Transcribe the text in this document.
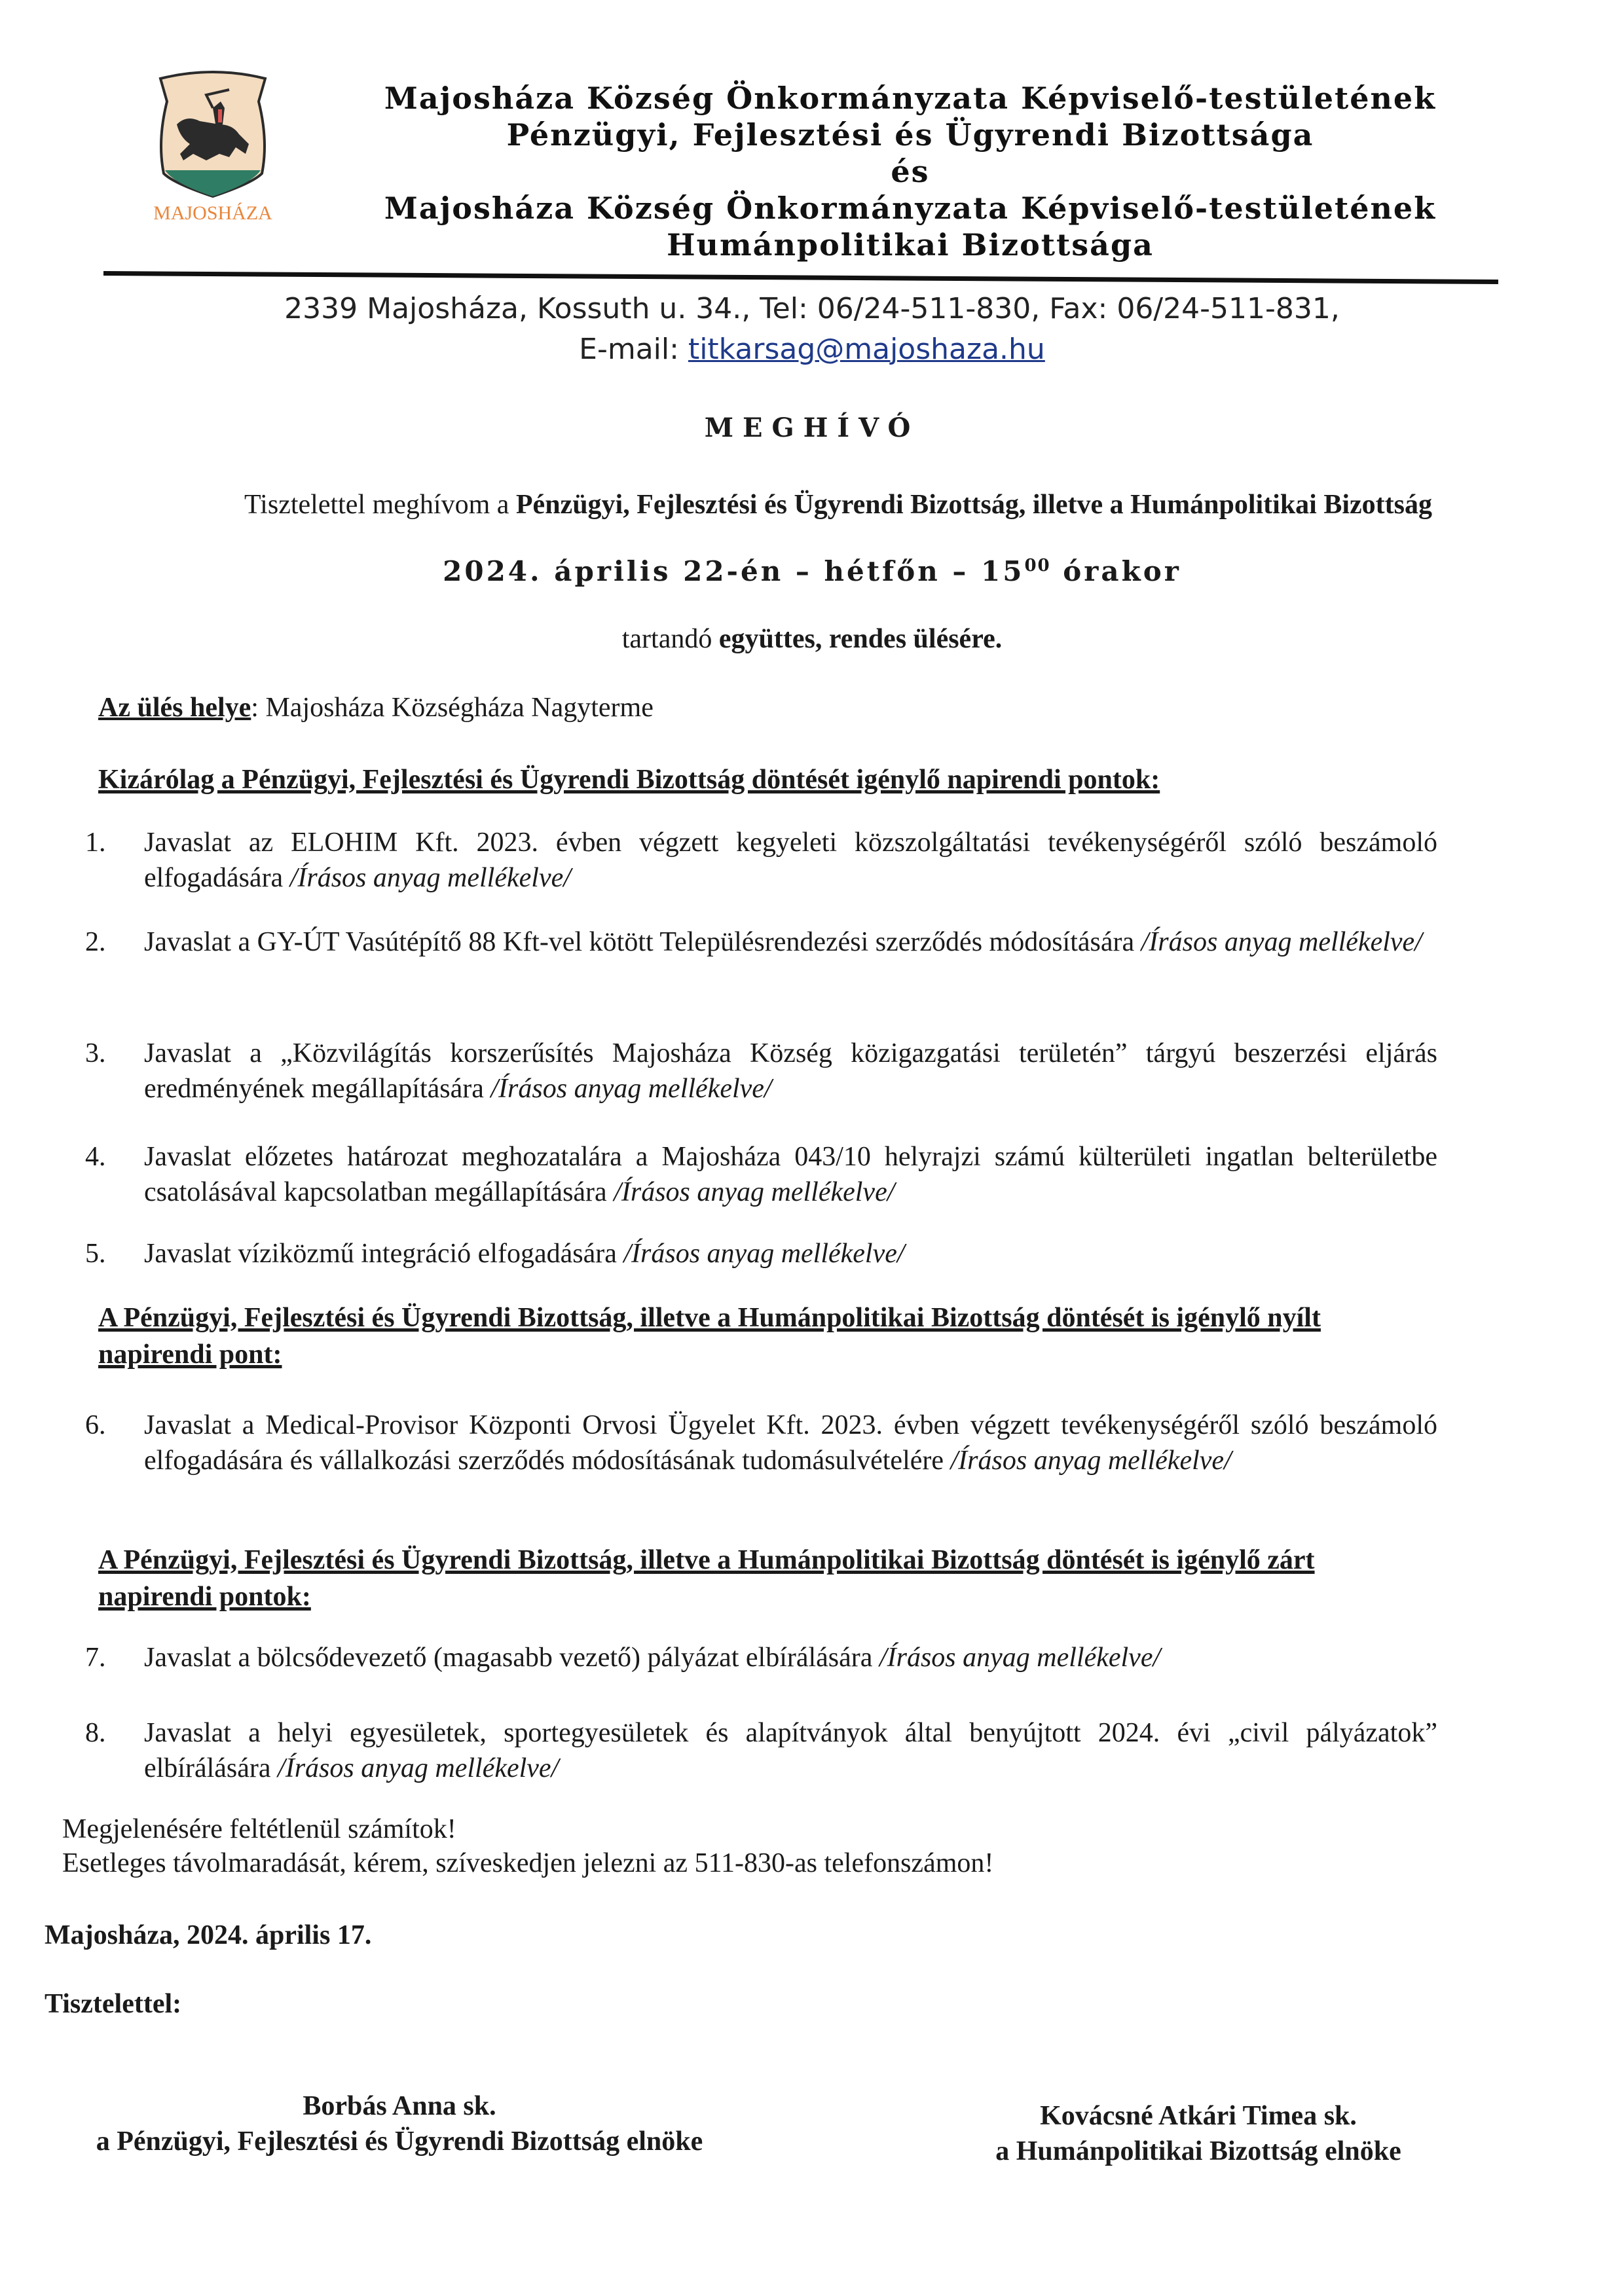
MAJOSHÁZA
Majosháza Község Önkormányzata Képviselő-testületének
Pénzügyi, Fejlesztési és Ügyrendi Bizottsága
és
Majosháza Község Önkormányzata Képviselő-testületének
Humánpolitikai Bizottsága
2339 Majosháza, Kossuth u. 34., Tel: 06/24-511-830, Fax: 06/24-511-831,
E-mail: titkarsag@majoshaza.hu
MEGHÍVÓ
Tisztelettel meghívom a Pénzügyi, Fejlesztési és Ügyrendi Bizottság, illetve a Humánpolitikai Bizottság
2024. április 22-én – hétfőn – $15^{00}$ órakor
tartandó együttes, rendes ülésére.
Az ülés helye: Majosháza Községháza Nagyterme
Kizárólag a Pénzügyi, Fejlesztési és Ügyrendi Bizottság döntését igénylő napirendi pontok:
1.	Javaslat az ELOHIM Kft. 2023. évben végzett kegyeleti közszolgáltatási tevékenységéről szóló beszámoló elfogadására /Írásos anyag mellékelve/
2.	Javaslat a GY-ÚT Vasútépítő 88 Kft-vel kötött Településrendezési szerződés módosítására /Írásos anyag mellékelve/
3.	Javaslat a „Közvilágítás korszerűsítés Majosháza Község közigazgatási területén” tárgyú beszerzési eljárás eredményének megállapítására /Írásos anyag mellékelve/
4.	Javaslat előzetes határozat meghozatalára a Majosháza 043/10 helyrajzi számú külterületi ingatlan belterületbe csatolásával kapcsolatban megállapítására /Írásos anyag mellékelve/
5.	Javaslat víziközmű integráció elfogadására /Írásos anyag mellékelve/
A Pénzügyi, Fejlesztési és Ügyrendi Bizottság, illetve a Humánpolitikai Bizottság döntését is igénylő nyílt napirendi pont:
6.	Javaslat a Medical-Provisor Központi Orvosi Ügyelet Kft. 2023. évben végzett tevékenységéről szóló beszámoló elfogadására és vállalkozási szerződés módosításának tudomásulvételére /Írásos anyag mellékelve/
A Pénzügyi, Fejlesztési és Ügyrendi Bizottság, illetve a Humánpolitikai Bizottság döntését is igénylő zárt napirendi pontok:
7.	Javaslat a bölcsődevezető (magasabb vezető) pályázat elbírálására /Írásos anyag mellékelve/
8.	Javaslat a helyi egyesületek, sportegyesületek és alapítványok által benyújtott 2024. évi „civil pályázatok” elbírálására /Írásos anyag mellékelve/
Megjelenésére feltétlenül számítok!
Esetleges távolmaradását, kérem, szíveskedjen jelezni az 511-830-as telefonszámon!
Majosháza, 2024. április 17.
Tisztelettel:
Borbás Anna sk.
a Pénzügyi, Fejlesztési és Ügyrendi Bizottság elnöke
Kovácsné Atkári Timea sk.
a Humánpolitikai Bizottság elnöke
